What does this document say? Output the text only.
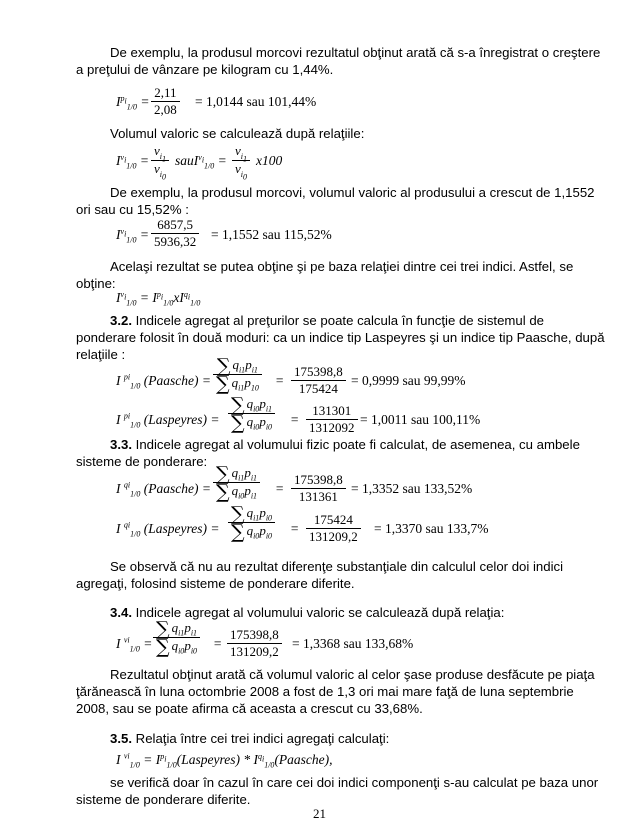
De exemplu, la produsul morcovi rezultatul obţinut arată că s-a înregistrat o creştere
a preţului de vânzare pe kilogram cu 1,44%.
$I^{p_i}_{1/0} = \frac{2,11}{2,08} = 1,0144$ sau 101,44%
Volumul valoric se calculează după relaţiile:
$I^{v_i}_{1/0} = \frac{v_{i_1}}{v_{i_0}}$ sauI$^{v_i}_{1/0}$ = $\frac{v_{i_1}}{v_{i_0}} x100$
De exemplu, la produsul morcovi, volumul valoric al produsului a crescut de 1,1552
ori sau cu 15,52% :
$I^{v_i}_{1/0} = \frac{6857,5}{5936,32} = 1,1552$ sau 115,52%
Acelaşi rezultat se putea obţine şi pe baza relaţiei dintre cei trei indici. Astfel, se
obţine:
$I^{v_i}_{1/0} = I^{p_i}_{1/0}xI^{q_i}_{1/0}$
3.2. Indicele agregat al preţurilor se poate calcula în funcţie de sistemul de
ponderare folosit în două moduri: ca un indice tip Laspeyres şi un indice tip Paasche, după
relaţiile :
I $^{pi}_{1/0}$ (Paasche) = $\frac{\sum q_{i1}p_{i1}}{\sum q_{i1}p_{10}} = \frac{175398,8}{175424} = 0,9999$ sau 99,99%
I $^{pi}_{1/0}$ (Laspeyres) = $\frac{\sum q_{i0}p_{i1}}{\sum q_{i0}p_{i0}} = \frac{131301}{1312092} = 1,0011$ sau 100,11%
3.3. Indicele agregat al volumului fizic poate fi calculat, de asemenea, cu ambele
sisteme de ponderare:
I $^{qi}_{1/0}$ (Paasche) = $\frac{\sum q_{i1}p_{i1}}{\sum q_{i0}p_{i1}} = \frac{175398,8}{131361} = 1,3352$ sau 133,52%
I $^{qi}_{1/0}$ (Laspeyres) = $\frac{\sum q_{i1}p_{i0}}{\sum q_{i0}p_{i0}} = \frac{175424}{131209,2} = 1,3370$ sau 133,7%
Se observă că nu au rezultat diferenţe substanţiale din calculul celor doi indici
agregaţi, folosind sisteme de ponderare diferite.
3.4. Indicele agregat al volumului valoric se calculează după relaţia:
I $^{vi}_{1/0} = \frac{\sum q_{i1}p_{i1}}{\sum q_{i0}p_{i0}} = \frac{175398,8}{131209,2} = 1,3368$ sau 133,68%
Rezultatul obţinut arată că volumul valoric al celor şase produse desfăcute pe piaţa
ţărănească în luna octombrie 2008 a fost de 1,3 ori mai mare faţă de luna septembrie
2008, sau se poate afirma că aceasta a crescut cu 33,68%.
3.5. Relaţia între cei trei indici agregaţi calculaţi:
I $^{vi}_{1/0} = I^{p_i}_{1/0}(Laspeyres)$ * $I^{q_i}_{1/0}(Paasche)$,
se verifică doar în cazul în care cei doi indici componenţi s-au calculat pe baza unor
sisteme de ponderare diferite.
21
